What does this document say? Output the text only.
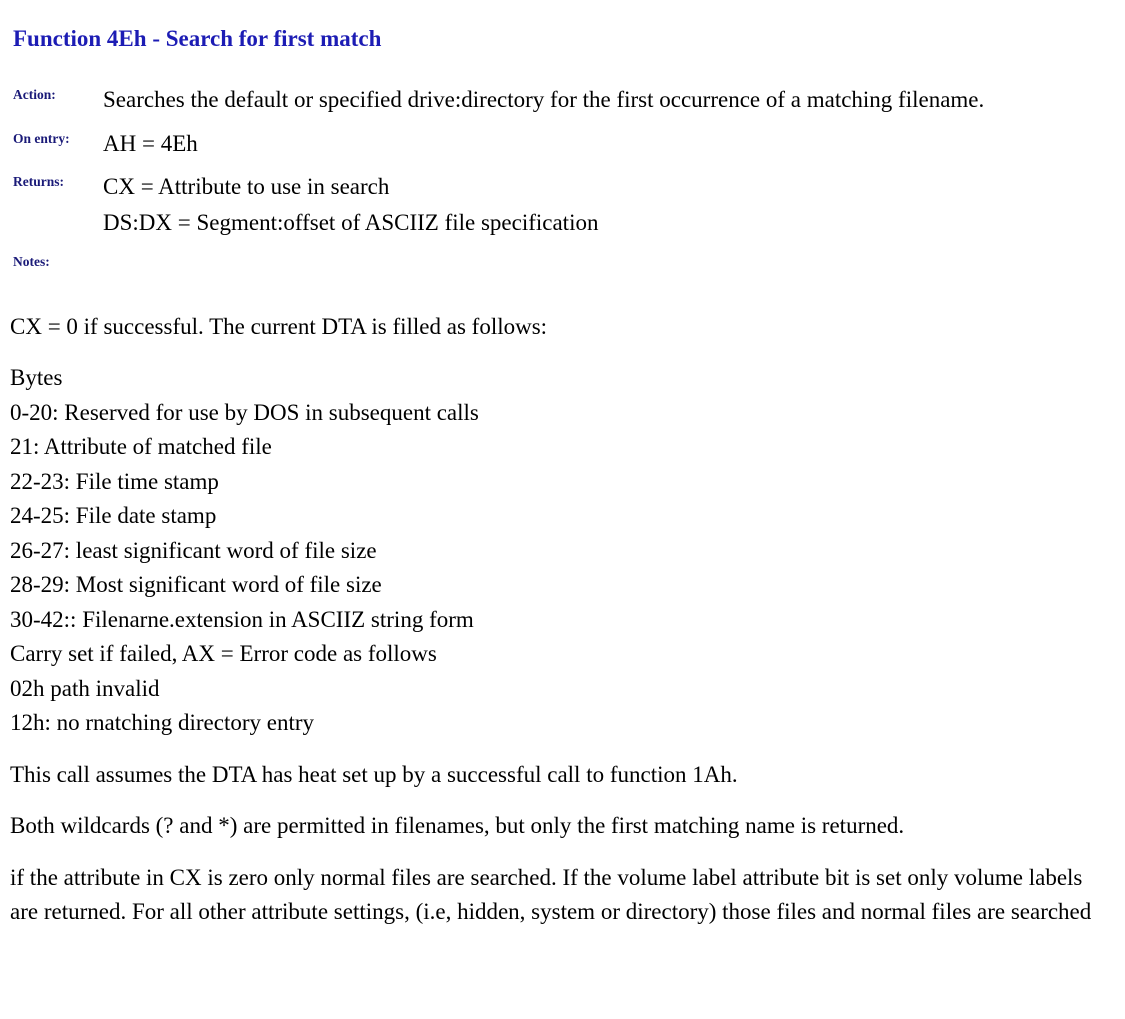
Function 4Eh - Search for first match
Action:	Searches the default or specified drive:directory for the first occurrence of a matching filename.
On entry:	AH = 4Eh
Returns:	CX = Attribute to use in search
DS:DX = Segment:offset of ASCIIZ file specification
Notes:

CX = 0 if successful. The current DTA is filled as follows:

Bytes
0-20: Reserved for use by DOS in subsequent calls
21: Attribute of matched file
22-23: File time stamp
24-25: File date stamp
26-27: least significant word of file size
28-29: Most significant word of file size
30-42:: Filenarne.extension in ASCIIZ string form
Carry set if failed, AX = Error code as follows
02h path invalid
12h: no rnatching directory entry

This call assumes the DTA has heat set up by a successful call to function 1Ah.

Both wildcards (? and *) are permitted in filenames, but only the first matching name is returned.

if the attribute in CX is zero only normal files are searched. If the volume label attribute bit is set only volume labels are returned. For all other attribute settings, (i.e, hidden, system or directory) those files and normal files are searched
